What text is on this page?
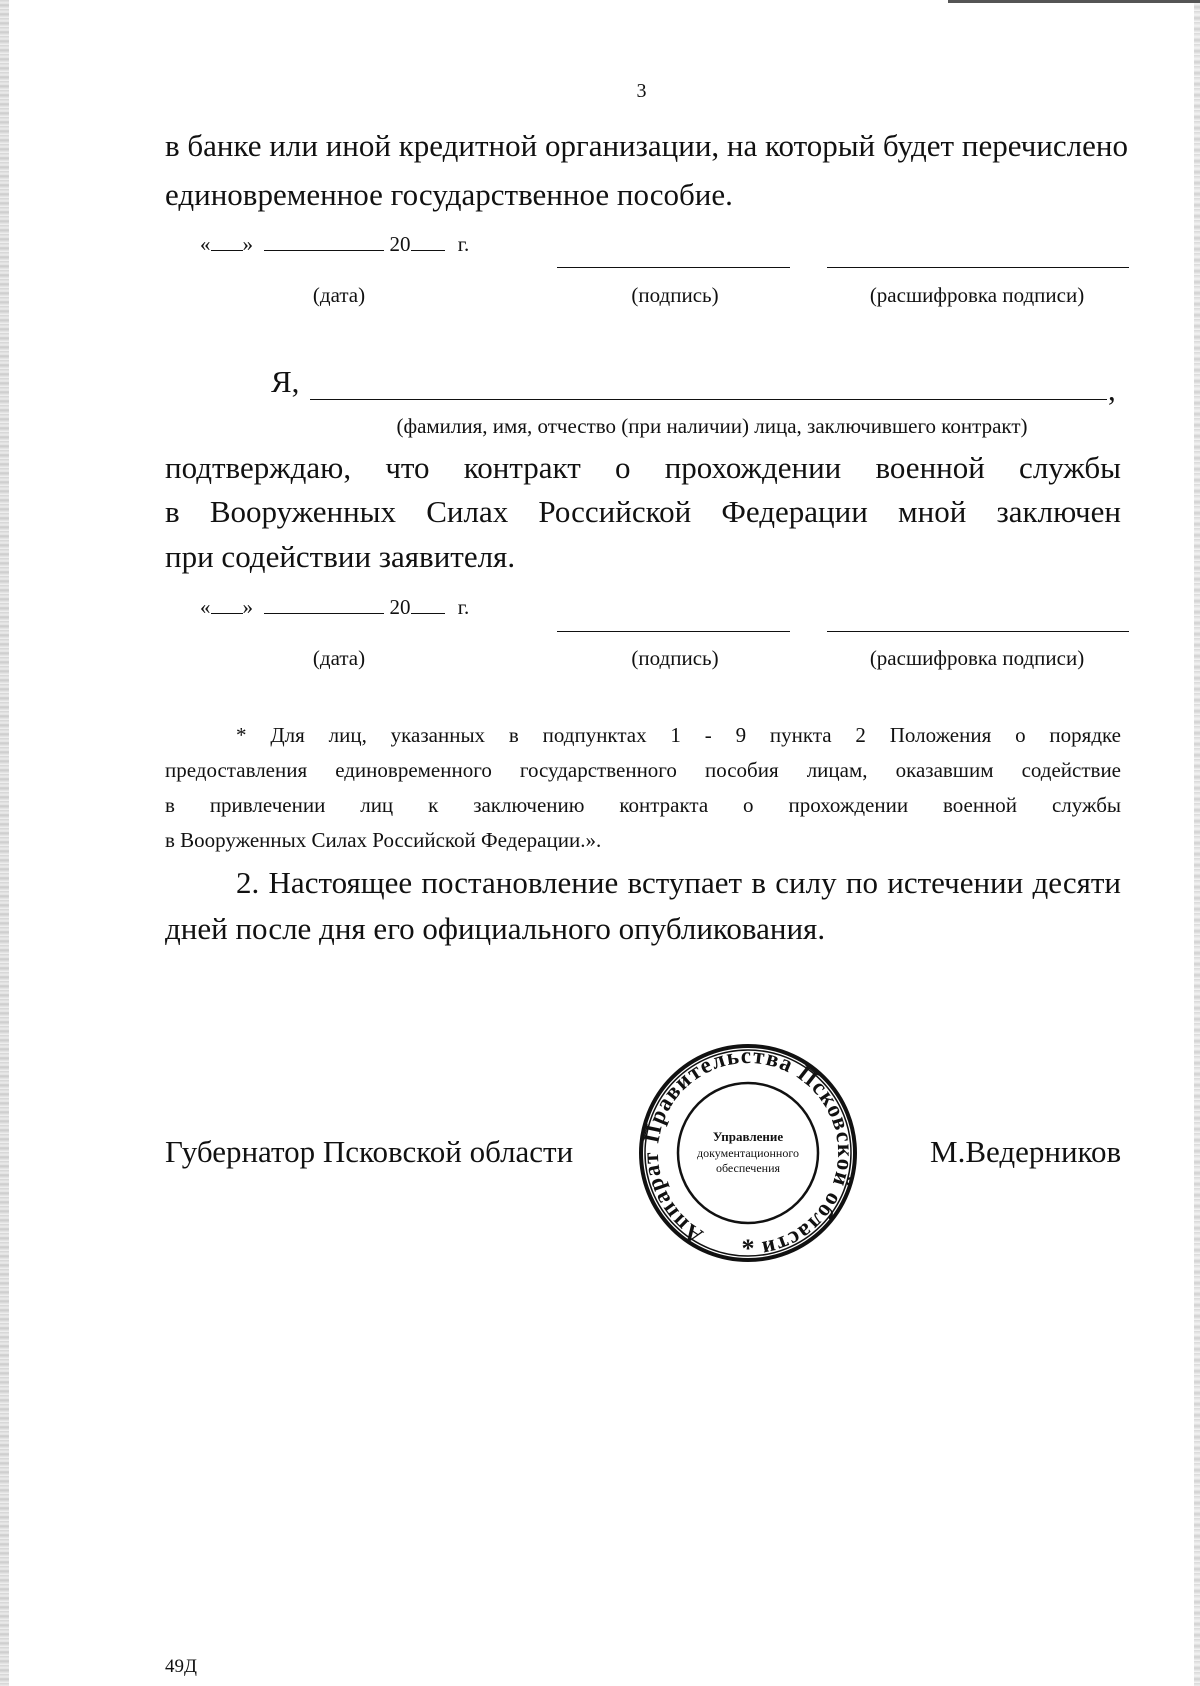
3
в банке или иной кредитной организации, на который будет перечислено
единовременное государственное пособие.
« »	20 г.
(дата)	(подпись)	(расшифровка подписи)
Я,	,
(фамилия, имя, отчество (при наличии) лица, заключившего контракт)
подтверждаю, что контракт о прохождении военной службы
в Вооруженных Силах Российской Федерации мной заключен
при содействии заявителя.
« »	20 г.
(дата)	(подпись)	(расшифровка подписи)
* Для лиц, указанных в подпунктах 1 - 9 пункта 2 Положения о порядке
предоставления единовременного государственного пособия лицам, оказавшим содействие
в привлечении лиц к заключению контракта о прохождении военной службы
в Вооруженных Силах Российской Федерации.».
2. Настоящее постановление вступает в силу по истечении десяти
дней после дня его официального опубликования.
Губернатор Псковской области	М.Ведерников
Аппарат Правительства Псковской области
Управление
документационного
обеспечения
*
49Д
